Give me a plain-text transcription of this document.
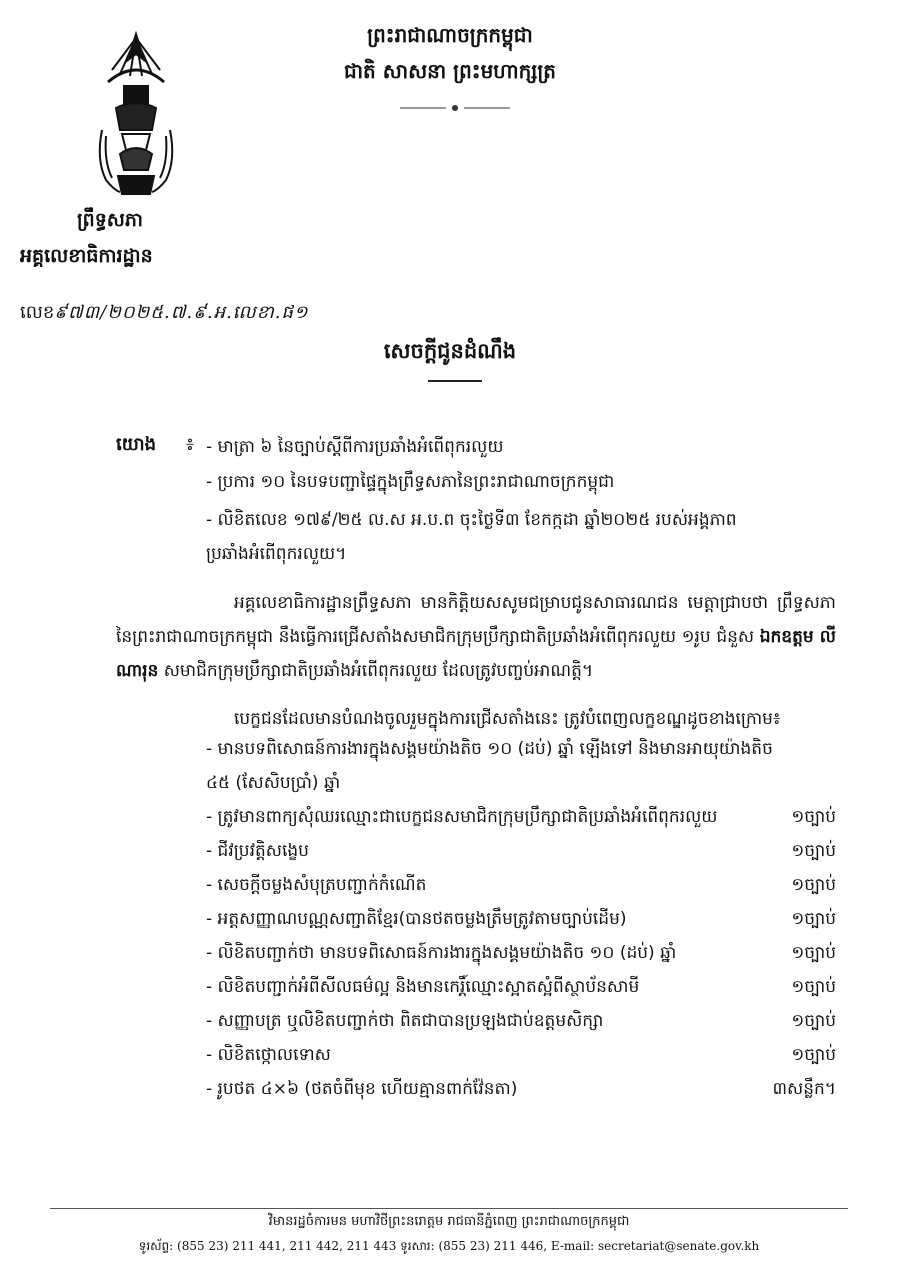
ព្រះរាជាណាចក្រកម្ពុជា
ជាតិ សាសនា ព្រះមហាក្សត្រ
ព្រឹទ្ធសភា
អគ្គលេខាធិការដ្ឋាន
លេខ៩៧៣/២០២៥.៧.៩.អ.លេខា.ផ១
សេចក្តីជូនដំណឹង
យោង ៖ - មាត្រា ៦ នៃច្បាប់ស្តីពីការប្រឆាំងអំពើពុករលួយ
- ប្រការ ១០ នៃបទបញ្ជាផ្ទៃក្នុងព្រឹទ្ធសភានៃព្រះរាជាណាចក្រកម្ពុជា
- លិខិតលេខ ១៧៩/២៥ ល.ស អ.ប.ព ចុះថ្ងៃទី៣ ខែកក្កដា ឆ្នាំ២០២៥ របស់អង្គភាព
ប្រឆាំងអំពើពុករលួយ។
អគ្គលេខាធិការដ្ឋានព្រឹទ្ធសភា មានកិត្តិយសសូមជម្រាបជូនសាធារណជន មេត្តាជ្រាបថា ព្រឹទ្ធសភានៃព្រះរាជាណាចក្រកម្ពុជា នឹងធ្វើការជ្រើសតាំងសមាជិកក្រុមប្រឹក្សាជាតិប្រឆាំងអំពើពុករលួយ ១រូប ជំនួស ឯកឧត្តម លី ណារុន សមាជិកក្រុមប្រឹក្សាជាតិប្រឆាំងអំពើពុករលួយ ដែលត្រូវបញ្ចប់អាណត្តិ។
បេក្ខជនដែលមានបំណងចូលរួមក្នុងការជ្រើសតាំងនេះ ត្រូវបំពេញលក្ខខណ្ឌដូចខាងក្រោម៖
- មានបទពិសោធន៍ការងារក្នុងសង្គមយ៉ាងតិច ១០ (ដប់) ឆ្នាំ ឡើងទៅ និងមានអាយុយ៉ាងតិច
៤៥ (សែសិបប្រាំ) ឆ្នាំ
- ត្រូវមានពាក្យសុំឈរឈ្មោះជាបេក្ខជនសមាជិកក្រុមប្រឹក្សាជាតិប្រឆាំងអំពើពុករលួយ	១ច្បាប់
- ជីវប្រវត្តិសង្ខេប	១ច្បាប់
- សេចក្តីចម្លងសំបុត្របញ្ជាក់កំណើត	១ច្បាប់
- អត្តសញ្ញាណបណ្ណសញ្ជាតិខ្មែរ(បានថតចម្លងត្រឹមត្រូវតាមច្បាប់ដើម)	១ច្បាប់
- លិខិតបញ្ជាក់ថា មានបទពិសោធន៍ការងារក្នុងសង្គមយ៉ាងតិច ១០ (ដប់) ឆ្នាំ	១ច្បាប់
- លិខិតបញ្ជាក់អំពីសីលធម៌ល្អ និងមានកេរ្តិ៍ឈ្មោះស្អាតស្អំពីស្ថាប័នសាមី	១ច្បាប់
- សញ្ញាបត្រ ឬលិខិតបញ្ជាក់ថា ពិតជាបានប្រឡងជាប់ឧត្តមសិក្សា	១ច្បាប់
- លិខិតថ្កោលទោស	១ច្បាប់
- រូបថត ៤×៦ (ថតចំពីមុខ ហើយគ្មានពាក់វ៉ែនតា)	៣សន្លឹក។
វិមានរដ្ឋចំការមន មហាវិថីព្រះនរោត្តម រាជធានីភ្នំពេញ ព្រះរាជាណាចក្រកម្ពុជា
ទូរស័ព្ទ: (855 23) 211 441, 211 442, 211 443 ទូរសារ: (855 23) 211 446, E-mail: secretariat@senate.gov.kh
